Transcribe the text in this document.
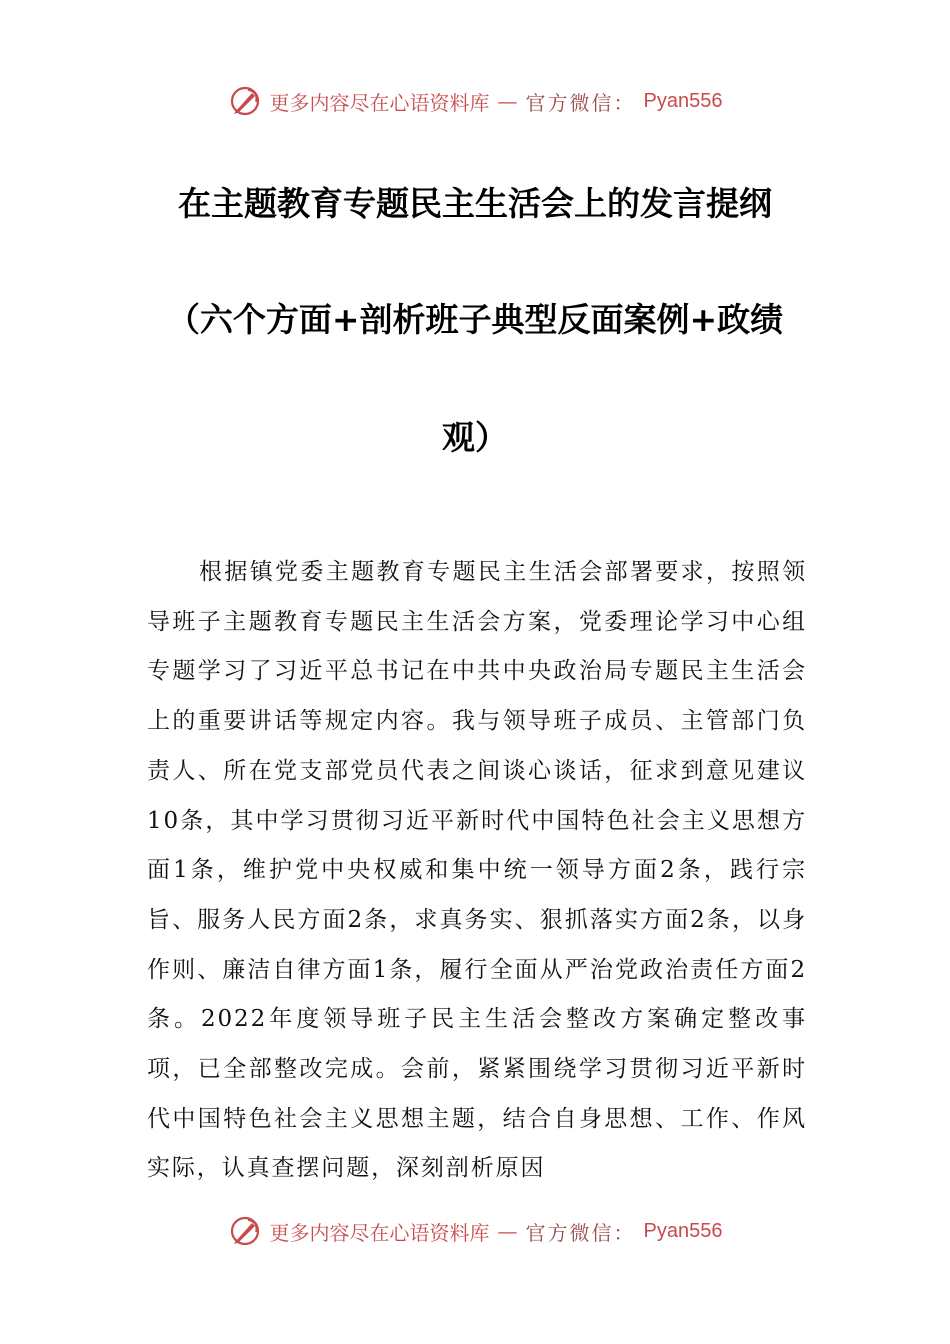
更多内容尽在心语资料库 — 官方微信： Pyan556
在主题教育专题民主生活会上的发言提纲
（六个方面+剖析班子典型反面案例+政绩
观）

根据镇党委主题教育专题民主生活会部署要求，按照领导班子主题教育专题民主生活会方案，党委理论学习中心组专题学习了习近平总书记在中共中央政治局专题民主生活会上的重要讲话等规定内容。我与领导班子成员、主管部门负责人、所在党支部党员代表之间谈心谈话，征求到意见建议10条，其中学习贯彻习近平新时代中国特色社会主义思想方面1条，维护党中央权威和集中统一领导方面2条，践行宗旨、服务人民方面2条，求真务实、狠抓落实方面2条，以身作则、廉洁自律方面1条，履行全面从严治党政治责任方面2条。2022年度领导班子民主生活会整改方案确定整改事项，已全部整改完成。会前，紧紧围绕学习贯彻习近平新时代中国特色社会主义思想主题，结合自身思想、工作、作风实际，认真查摆问题，深刻剖析原因

更多内容尽在心语资料库 — 官方微信： Pyan556
